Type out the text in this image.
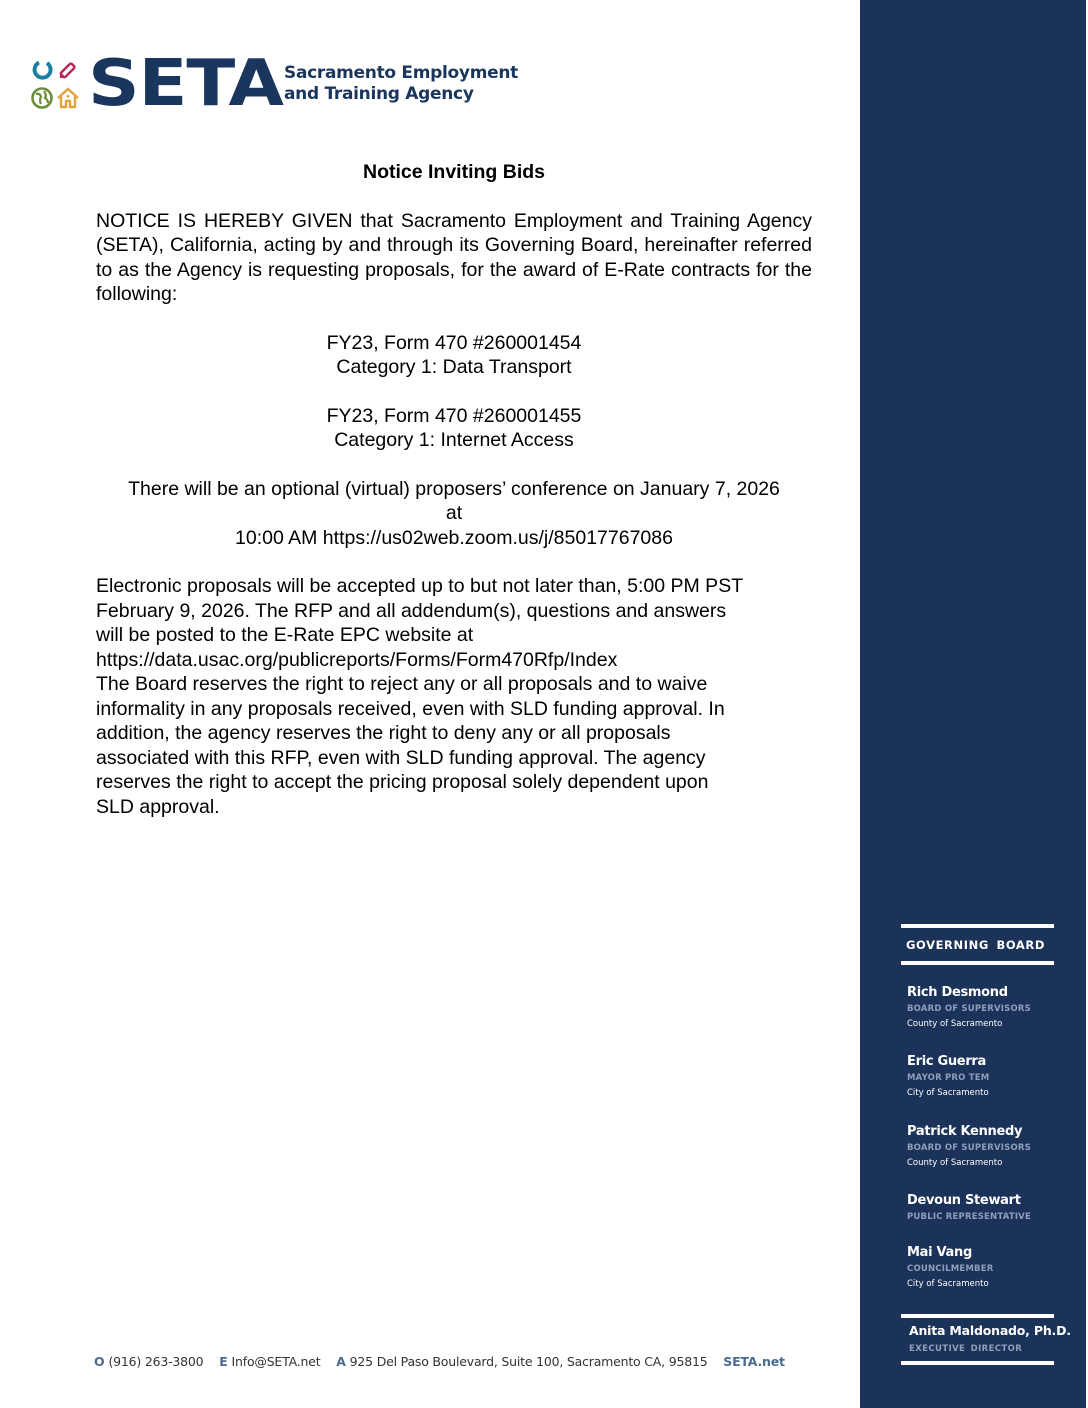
SETA Sacramento Employment
and Training Agency
Notice Inviting Bids
NOTICE IS HEREBY GIVEN that Sacramento Employment and Training Agency (SETA), California, acting by and through its Governing Board, hereinafter referred to as the Agency is requesting proposals, for the award of E-Rate contracts for the following:
FY23, Form 470 #260001454
Category 1: Data Transport
FY23, Form 470 #260001455
Category 1: Internet Access
There will be an optional (virtual) proposers’ conference on January 7, 2026
at
10:00 AM https://us02web.zoom.us/j/85017767086
Electronic proposals will be accepted up to but not later than, 5:00 PM PST
February 9, 2026. The RFP and all addendum(s), questions and answers
will be posted to the E-Rate EPC website at
https://data.usac.org/publicreports/Forms/Form470Rfp/Index
The Board reserves the right to reject any or all proposals and to waive
informality in any proposals received, even with SLD funding approval. In
addition, the agency reserves the right to deny any or all proposals
associated with this RFP, even with SLD funding approval. The agency
reserves the right to accept the pricing proposal solely dependent upon
SLD approval.
O (916) 263-3800 E Info@SETA.net A 925 Del Paso Boulevard, Suite 100, Sacramento CA, 95815 SETA.net
GOVERNING BOARD
Rich Desmond
BOARD OF SUPERVISORS
County of Sacramento
Eric Guerra
MAYOR PRO TEM
City of Sacramento
Patrick Kennedy
BOARD OF SUPERVISORS
County of Sacramento
Devoun Stewart
PUBLIC REPRESENTATIVE
Mai Vang
COUNCILMEMBER
City of Sacramento
Anita Maldonado, Ph.D.
EXECUTIVE DIRECTOR
